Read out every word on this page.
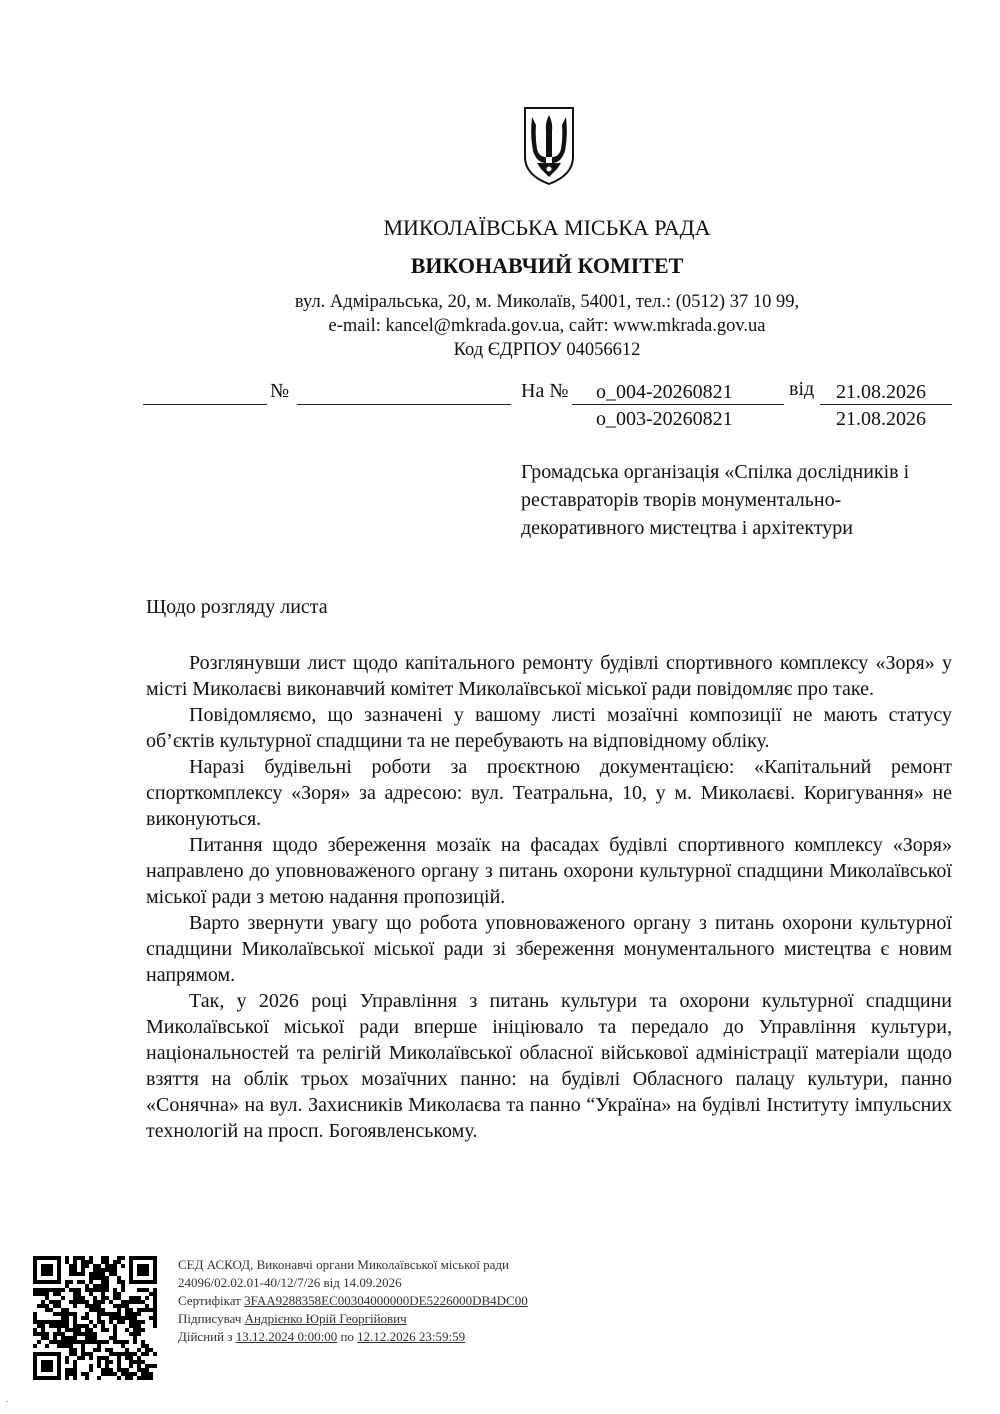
МИКОЛАЇВСЬКА МІСЬКА РАДА
ВИКОНАВЧИЙ КОМІТЕТ
вул. Адміральська, 20, м. Миколаїв, 54001, тел.: (0512) 37 10 99,
e-mail: kancel@mkrada.gov.ua, сайт: www.mkrada.gov.ua
Код ЄДРПОУ 04056612
№	На № о_004-20260821	від 21.08.2026
о_003-20260821	21.08.2026
Громадська організація «Спілка дослідників і реставраторів творів монументально-декоративного мистецтва і архітектури
Щодо розгляду листа

Розглянувши лист щодо капітального ремонту будівлі спортивного комплексу «Зоря» у місті Миколаєві виконавчий комітет Миколаївської міської ради повідомляє про таке.

Повідомляємо, що зазначені у вашому листі мозаїчні композиції не мають статусу об’єктів культурної спадщини та не перебувають на відповідному обліку.

Наразі будівельні роботи за проєктною документацією: «Капітальний ремонт спорткомплексу «Зоря» за адресою: вул. Театральна, 10, у м. Миколаєві. Коригування» не виконуються.

Питання щодо збереження мозаїк на фасадах будівлі спортивного комплексу «Зоря» направлено до уповноваженого органу з питань охорони культурної спадщини Миколаївської міської ради з метою надання пропозицій.

Варто звернути увагу що робота уповноваженого органу з питань охорони культурної спадщини Миколаївської міської ради зі збереження монументального мистецтва є новим напрямом.

Так, у 2026 році Управління з питань культури та охорони культурної спадщини Миколаївської міської ради вперше ініціювало та передало до Управління культури, національностей та релігій Миколаївської обласної військової адміністрації матеріали щодо взяття на облік трьох мозаїчних панно: на будівлі Обласного палацу культури, панно «Сонячна» на вул. Захисників Миколаєва та панно “Україна» на будівлі Інституту імпульсних технологій на просп. Богоявленському.

СЕД АСКОД, Виконавчі органи Миколаївської міської ради
24096/02.02.01-40/12/7/26 від 14.09.2026
Сертифікат 3FAA9288358EC00304000000DE5226000DB4DC00
Підписувач Андрієнко Юрій Георгійович
Дійсний з 13.12.2024 0:00:00 по 12.12.2026 23:59:59
.
